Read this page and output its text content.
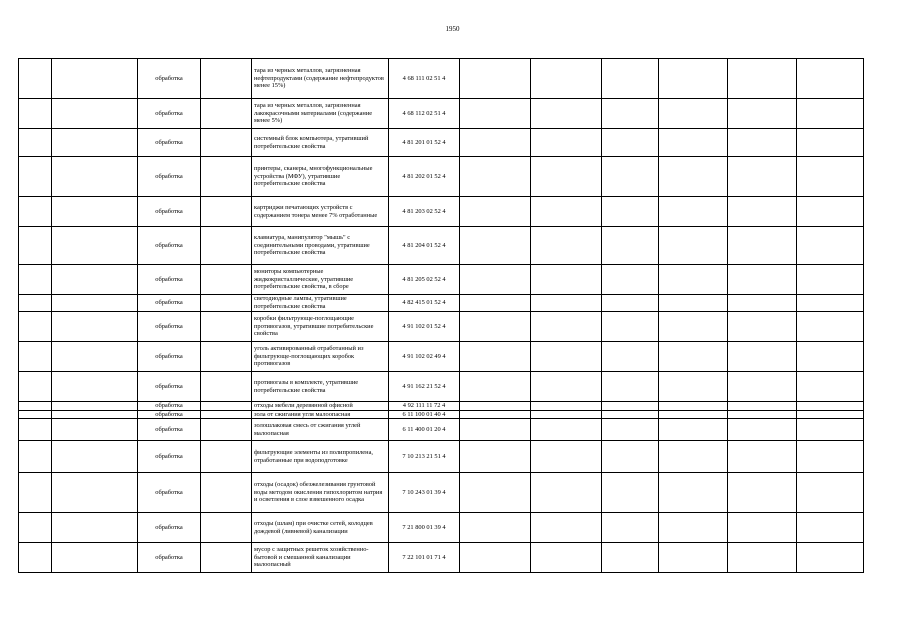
1950
		обработка		тара из черных металлов, загрязненная нефтепродуктами (содержание нефтепродуктов менее 15%)	4 68 111 02 51 4						
		обработка		тара из черных металлов, загрязненная лакокрасочными материалами (содержание менее 5%)	4 68 112 02 51 4						
		обработка		системный блок компьютера, утративший потребительские свойства	4 81 201 01 52 4						
		обработка		принтеры, сканеры, многофункциональные устройства (МФУ), утратившие потребительские свойства	4 81 202 01 52 4						
		обработка		картриджи печатающих устройств с содержанием тонера менее 7% отработанные	4 81 203 02 52 4						
		обработка		клавиатура, манипулятор "мышь" с соединительными проводами, утратившие потребительские свойства	4 81 204 01 52 4						
		обработка		мониторы компьютерные жидкокристаллические, утратившие потребительские свойства, в сборе	4 81 205 02 52 4						
		обработка		светодиодные лампы, утратившие потребительские свойства	4 82 415 01 52 4						
		обработка		коробки фильтрующе-поглощающие противогазов, утратившие потребительские свойства	4 91 102 01 52 4						
		обработка		уголь активированный отработанный из фильтрующе-поглощающих коробок противогазов	4 91 102 02 49 4						
		обработка		противогазы в комплекте, утратившие потребительские свойства	4 91 162 21 52 4						
		обработка		отходы мебели деревянной офисной	4 92 111 11 72 4						
		обработка		зола от сжигания угля малоопасная	6 11 100 01 40 4						
		обработка		золошлаковая смесь от сжигания углей малоопасная	6 11 400 01 20 4						
		обработка		фильтрующие элементы из полипропилена, отработанные при водоподготовке	7 10 213 21 51 4						
		обработка		отходы (осадок) обезжелезивания грунтовой воды методом окисления гипохлоритом натрия и осветления в слое взвешенного осадка	7 10 243 01 39 4						
		обработка		отходы (шлам) при очистке сетей, колодцев дождевой (ливневой) канализации	7 21 800 01 39 4						
		обработка		мусор с защитных решеток хозяйственно-бытовой и смешанной канализации малоопасный	7 22 101 01 71 4						
